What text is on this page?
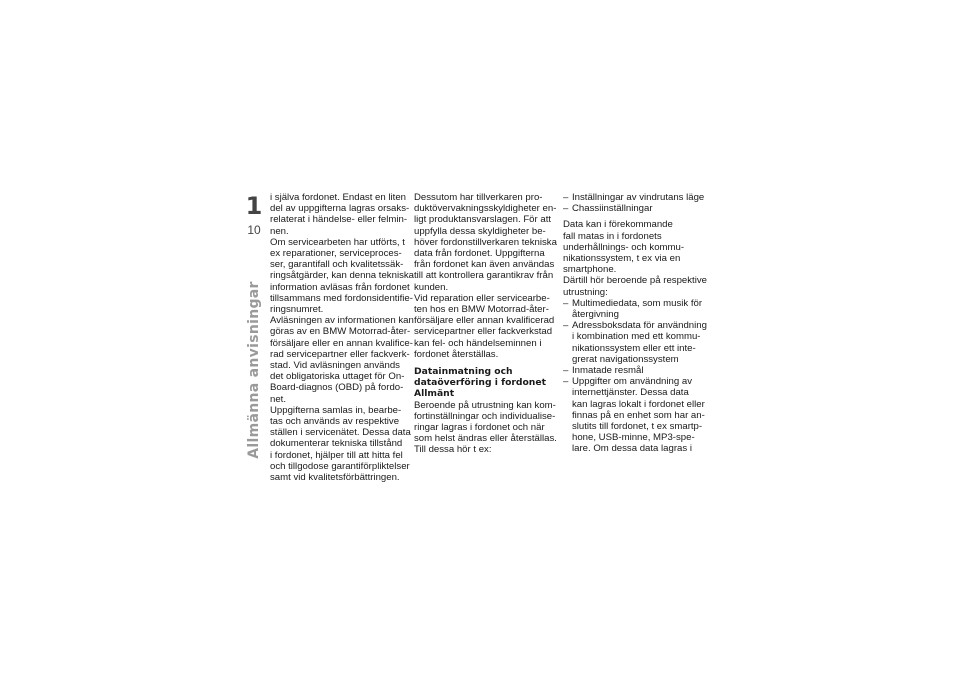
1
10
Allmänna anvisningar
i själva fordonet. Endast en liten
del av uppgifterna lagras orsaks-
relaterat i händelse- eller felmin-
nen.
Om servicearbeten har utförts, t
ex reparationer, serviceproces-
ser, garantifall och kvalitetssäk-
ringsåtgärder, kan denna tekniska
information avläsas från fordonet
tillsammans med fordonsidentifie-
ringsnumret.
Avläsningen av informationen kan
göras av en BMW Motorrad-åter-
försäljare eller en annan kvalifice-
rad servicepartner eller fackverk-
stad. Vid avläsningen används
det obligatoriska uttaget för On-
Board-diagnos (OBD) på fordo-
net.
Uppgifterna samlas in, bearbe-
tas och används av respektive
ställen i servicenätet. Dessa data
dokumenterar tekniska tillstånd
i fordonet, hjälper till att hitta fel
och tillgodose garantiförpliktelser
samt vid kvalitetsförbättringen.
Dessutom har tillverkaren pro-
duktövervakningsskyldigheter en-
ligt produktansvarslagen. För att
uppfylla dessa skyldigheter be-
höver fordonstillverkaren tekniska
data från fordonet. Uppgifterna
från fordonet kan även användas
till att kontrollera garantikrav från
kunden.
Vid reparation eller servicearbe-
ten hos en BMW Motorrad-åter-
försäljare eller annan kvalificerad
servicepartner eller fackverkstad
kan fel- och händelseminnen i
fordonet återställas.
Datainmatning och
dataöverföring i fordonet
Allmänt
Beroende på utrustning kan kom-
fortinställningar och individualise-
ringar lagras i fordonet och när
som helst ändras eller återställas.
Till dessa hör t ex:
– Inställningar av vindrutans läge
– Chassiinställningar
Data kan i förekommande
fall matas in i fordonets
underhållnings- och kommu-
nikationssystem, t ex via en
smartphone.
Därtill hör beroende på respektive
utrustning:
– Multimediedata, som musik för
återgivning
– Adressboksdata för användning
i kombination med ett kommu-
nikationssystem eller ett inte-
grerat navigationssystem
– Inmatade resmål
– Uppgifter om användning av
internettjänster. Dessa data
kan lagras lokalt i fordonet eller
finnas på en enhet som har an-
slutits till fordonet, t ex smartp-
hone, USB-minne, MP3-spe-
lare. Om dessa data lagras i
